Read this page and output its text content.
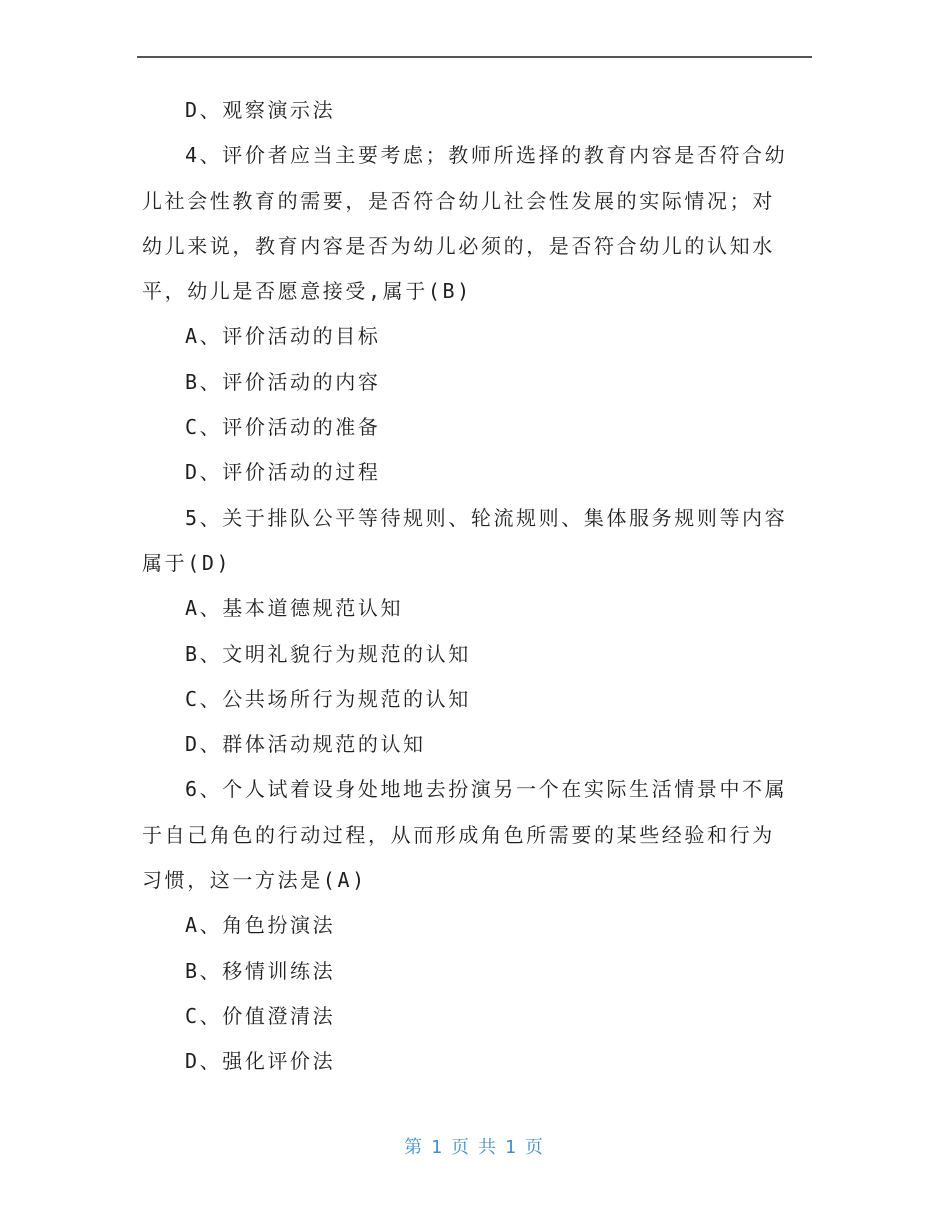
D、观察演示法
4、评价者应当主要考虑；教师所选择的教育内容是否符合幼
儿社会性教育的需要，是否符合幼儿社会性发展的实际情况；对
幼儿来说，教育内容是否为幼儿必须的，是否符合幼儿的认知水
平，幼儿是否愿意接受,属于(B)
A、评价活动的目标
B、评价活动的内容
C、评价活动的准备
D、评价活动的过程
5、关于排队公平等待规则、轮流规则、集体服务规则等内容
属于(D)
A、基本道德规范认知
B、文明礼貌行为规范的认知
C、公共场所行为规范的认知
D、群体活动规范的认知
6、个人试着设身处地地去扮演另一个在实际生活情景中不属
于自己角色的行动过程，从而形成角色所需要的某些经验和行为
习惯，这一方法是(A)
A、角色扮演法
B、移情训练法
C、价值澄清法
D、强化评价法
第 1 页 共 1 页
